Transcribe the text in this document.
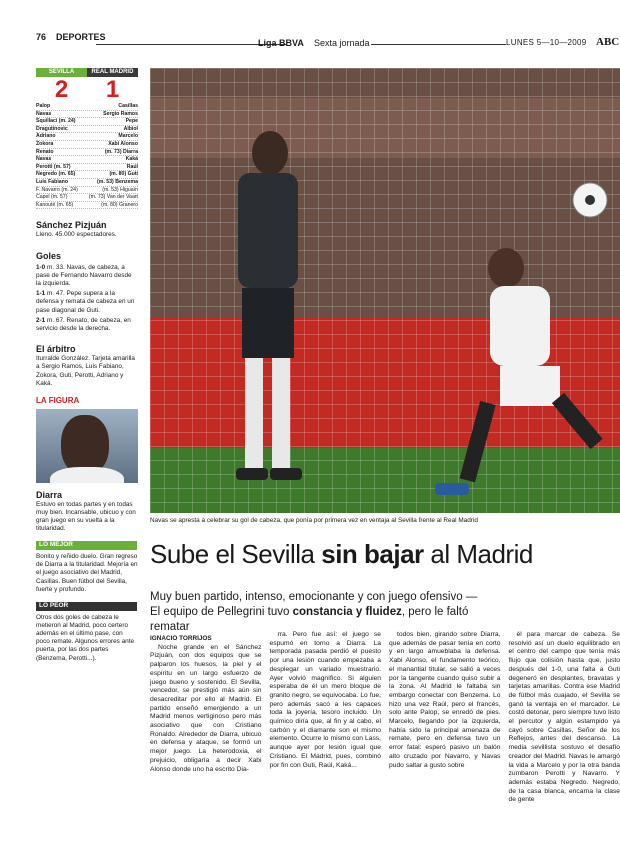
76 DEPORTES
Liga BBVA Sexta jornada	LUNES 5—10—2009 ABC
SEVILLA	REAL MADRID
2	1
Palop	Casillas
Navas	Sergio Ramos
Squillaci (m. 24)	Pepe
Dragutinovic	Albiol
Adriano	Marcelo
Zokora	Xabi Alonso
Renato	(m. 73) Diarra
Navas	Kaká
Perotti (m. 57)	Raúl
Negredo (m. 65)	(m. 80) Guti
Luis Fabiano	(m. 53) Benzema
F. Navarro (m. 24)	(m. 53) Higuaín
Capel (m. 57)	(m. 73) Van der Vaart
Kanouté (m. 65)	(m. 80) Granero
Sánchez Pizjuán
Lleno. 45.000 espectadores.
Goles
1-0 m. 33. Navas, de cabeza, a pase de Fernando Navarro desde la izquierda.
1-1 m. 47. Pepe supera a la defensa y remata de cabeza en un pase diagonal de Guti.
2-1 m. 67. Renato, de cabeza, en servicio desde la derecha.
El árbitro
Iturralde González. Tarjeta amarilla a Sergio Ramos, Luis Fabiano, Zokora, Guti, Perotti, Adriano y Kaká.
LA FIGURA
Diarra
Estuvo en todas partes y en todas muy bien. Incansable, ubicuo y con gran juego en su vuelta a la titularidad.
LO MEJOR
Bonito y reñido duelo. Gran regreso de Diarra a la titularidad. Mejoría en el juego asociativo del Madrid, Casillas. Buen fútbol del Sevilla, fuerte y profundo.
LO PEOR
Otros dos goles de cabeza le metieron al Madrid, poco certero además en el último pase, con poco remate. Algunos errores ante puerta, por las dos partes (Benzema, Perotti...).
Navas se apresta a celebrar su gol de cabeza, que ponía por primera vez en ventaja al Sevilla frente al Real Madrid
Sube el Sevilla sin bajar al Madrid
Muy buen partido, intenso, emocionante y con juego ofensivo — El equipo de Pellegrini tuvo constancia y fluidez, pero le faltó rematar
IGNACIO TORRIJOS

Noche grande en el Sánchez Pizjuán, con dos equipos que se palparon los huesos, la piel y el espíritu en un largo esfuerzo de juego bueno y sostenido. El Sevilla, vencedor, se prestigió más aún sin desacreditar por ello al Madrid. El partido enseñó emergiendo a un Madrid menos vertiginoso pero más asociativo que con Cristiano Ronaldo. Alrededor de Diarra, ubicuo en defensa y ataque, se formó un mejor juego. La heterodoxia, el prejuicio, obligaría a decir Xabi Alonso donde uno ha escrito Dia-

rra. Pero fue así: el juego se espumó en torno a Diarra. La temporada pasada perdió el puesto por una lesión cuando empezaba a desplegar un variado muestrario. Ayer volvió magnífico. Si alguien esperaba de él un mero bloque de granito negro, se equivocaba. Lo fue, pero además sacó a les capaces toda la joyería, tesoro incluido. Un químico diría que, al fin y al cabo, el carbón y el diamante son el mismo elemento. Ocurre lo mismo con Lass, aunque ayer por lesión igual que Cristiano. El Madrid, pues, combinó por fin con Guti, Raúl, Kaká...

todos bien, girando sobre Diarra, que además de pasar tenía en corto y en largo amueblaba la defensa. Xabi Alonso, el fundamento teórico, el manantial titular, se salió a veces por la tangente cuando quiso subir a la zona. Al Madrid le faltaba sin embargo conectar con Benzema. Lo hizo una vez Raúl, pero el francés, solo ante Palop, se enredó de pies. Marcelo, llegando por la izquierda, había sido la principal amenaza de remate, pero en defensa tuvo un error fatal: esperó pasivo un balón alto cruzado por Navarro, y Navas pudo saltar a gusto sobre

él para marcar de cabeza. Se resolvió así un duelo equilibrado en el centro del campo que tenía más flujo que colisión hasta que, justo después del 1-0, una falta a Guti degeneró en desplantes, bravatas y tarjetas amarillas. Contra ese Madrid de fútbol más cuajado, el Sevilla se ganó la ventaja en el marcador. Le costó detonar, pero siempre tuvo listo el percutor y algún estampido ya cayó sobre Casillas, Señor de los Reflejos, antes del descanso. La media sevillista sostuvo el desafío creador del Madrid. Navas le amargó la vida a Marcelo y por la otra banda zumbaron Perotti y Navarro. Y además estaba Negredo. Negredo, de la casa blanca, encarna la clase de gente
